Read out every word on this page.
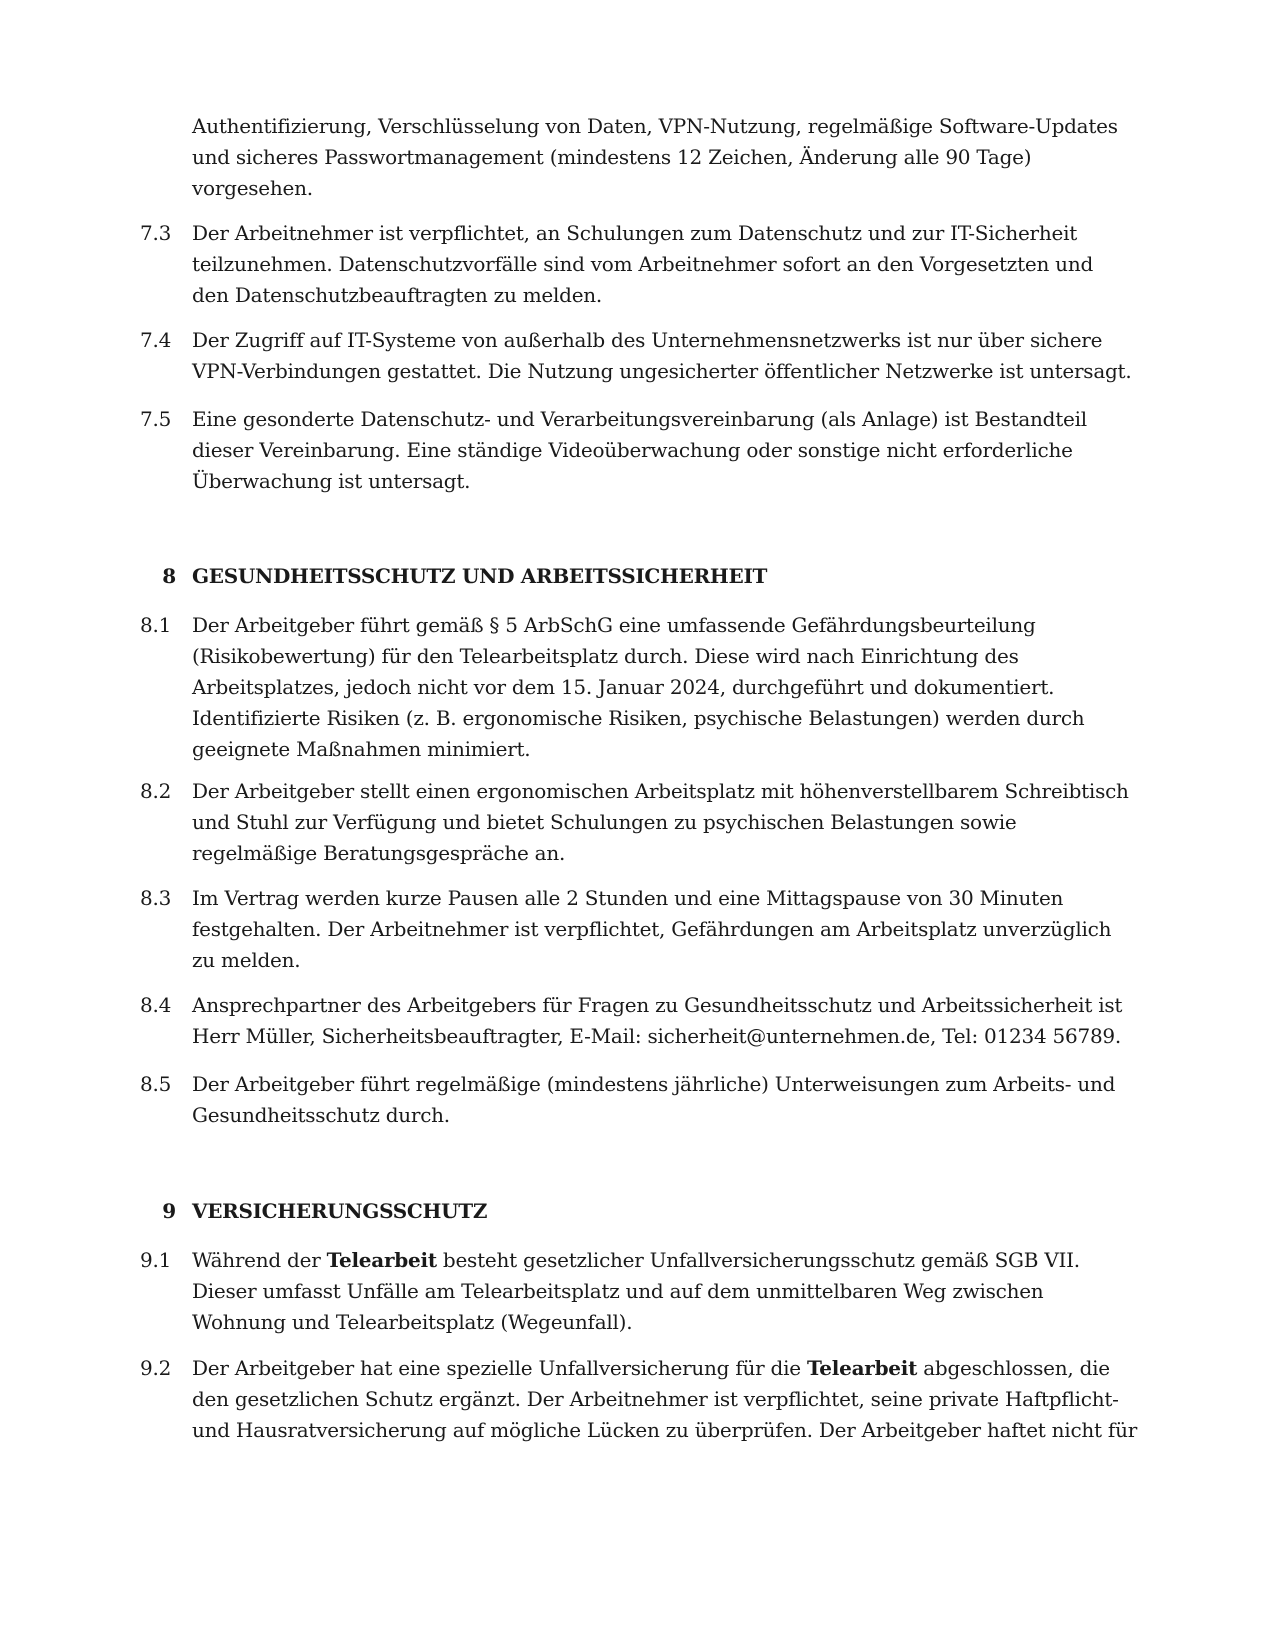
Authentifizierung, Verschlüsselung von Daten, VPN-Nutzung, regelmäßige Software-Updates
und sicheres Passwortmanagement (mindestens 12 Zeichen, Änderung alle 90 Tage)
vorgesehen.
7.3	Der Arbeitnehmer ist verpflichtet, an Schulungen zum Datenschutz und zur IT-Sicherheit
teilzunehmen. Datenschutzvorfälle sind vom Arbeitnehmer sofort an den Vorgesetzten und
den Datenschutzbeauftragten zu melden.
7.4	Der Zugriff auf IT-Systeme von außerhalb des Unternehmensnetzwerks ist nur über sichere
VPN-Verbindungen gestattet. Die Nutzung ungesicherter öffentlicher Netzwerke ist untersagt.
7.5	Eine gesonderte Datenschutz- und Verarbeitungsvereinbarung (als Anlage) ist Bestandteil
dieser Vereinbarung. Eine ständige Videoüberwachung oder sonstige nicht erforderliche
Überwachung ist untersagt.
8 GESUNDHEITSSCHUTZ UND ARBEITSSICHERHEIT
8.1	Der Arbeitgeber führt gemäß § 5 ArbSchG eine umfassende Gefährdungsbeurteilung
(Risikobewertung) für den Telearbeitsplatz durch. Diese wird nach Einrichtung des
Arbeitsplatzes, jedoch nicht vor dem 15. Januar 2024, durchgeführt und dokumentiert.
Identifizierte Risiken (z. B. ergonomische Risiken, psychische Belastungen) werden durch
geeignete Maßnahmen minimiert.
8.2	Der Arbeitgeber stellt einen ergonomischen Arbeitsplatz mit höhenverstellbarem Schreibtisch
und Stuhl zur Verfügung und bietet Schulungen zu psychischen Belastungen sowie
regelmäßige Beratungsgespräche an.
8.3	Im Vertrag werden kurze Pausen alle 2 Stunden und eine Mittagspause von 30 Minuten
festgehalten. Der Arbeitnehmer ist verpflichtet, Gefährdungen am Arbeitsplatz unverzüglich
zu melden.
8.4	Ansprechpartner des Arbeitgebers für Fragen zu Gesundheitsschutz und Arbeitssicherheit ist
Herr Müller, Sicherheitsbeauftragter, E-Mail: sicherheit@unternehmen.de, Tel: 01234 56789.
8.5	Der Arbeitgeber führt regelmäßige (mindestens jährliche) Unterweisungen zum Arbeits- und
Gesundheitsschutz durch.
9 VERSICHERUNGSSCHUTZ
9.1	Während der Telearbeit besteht gesetzlicher Unfallversicherungsschutz gemäß SGB VII.
Dieser umfasst Unfälle am Telearbeitsplatz und auf dem unmittelbaren Weg zwischen
Wohnung und Telearbeitsplatz (Wegeunfall).
9.2	Der Arbeitgeber hat eine spezielle Unfallversicherung für die Telearbeit abgeschlossen, die
den gesetzlichen Schutz ergänzt. Der Arbeitnehmer ist verpflichtet, seine private Haftpflicht-
und Hausratversicherung auf mögliche Lücken zu überprüfen. Der Arbeitgeber haftet nicht für
